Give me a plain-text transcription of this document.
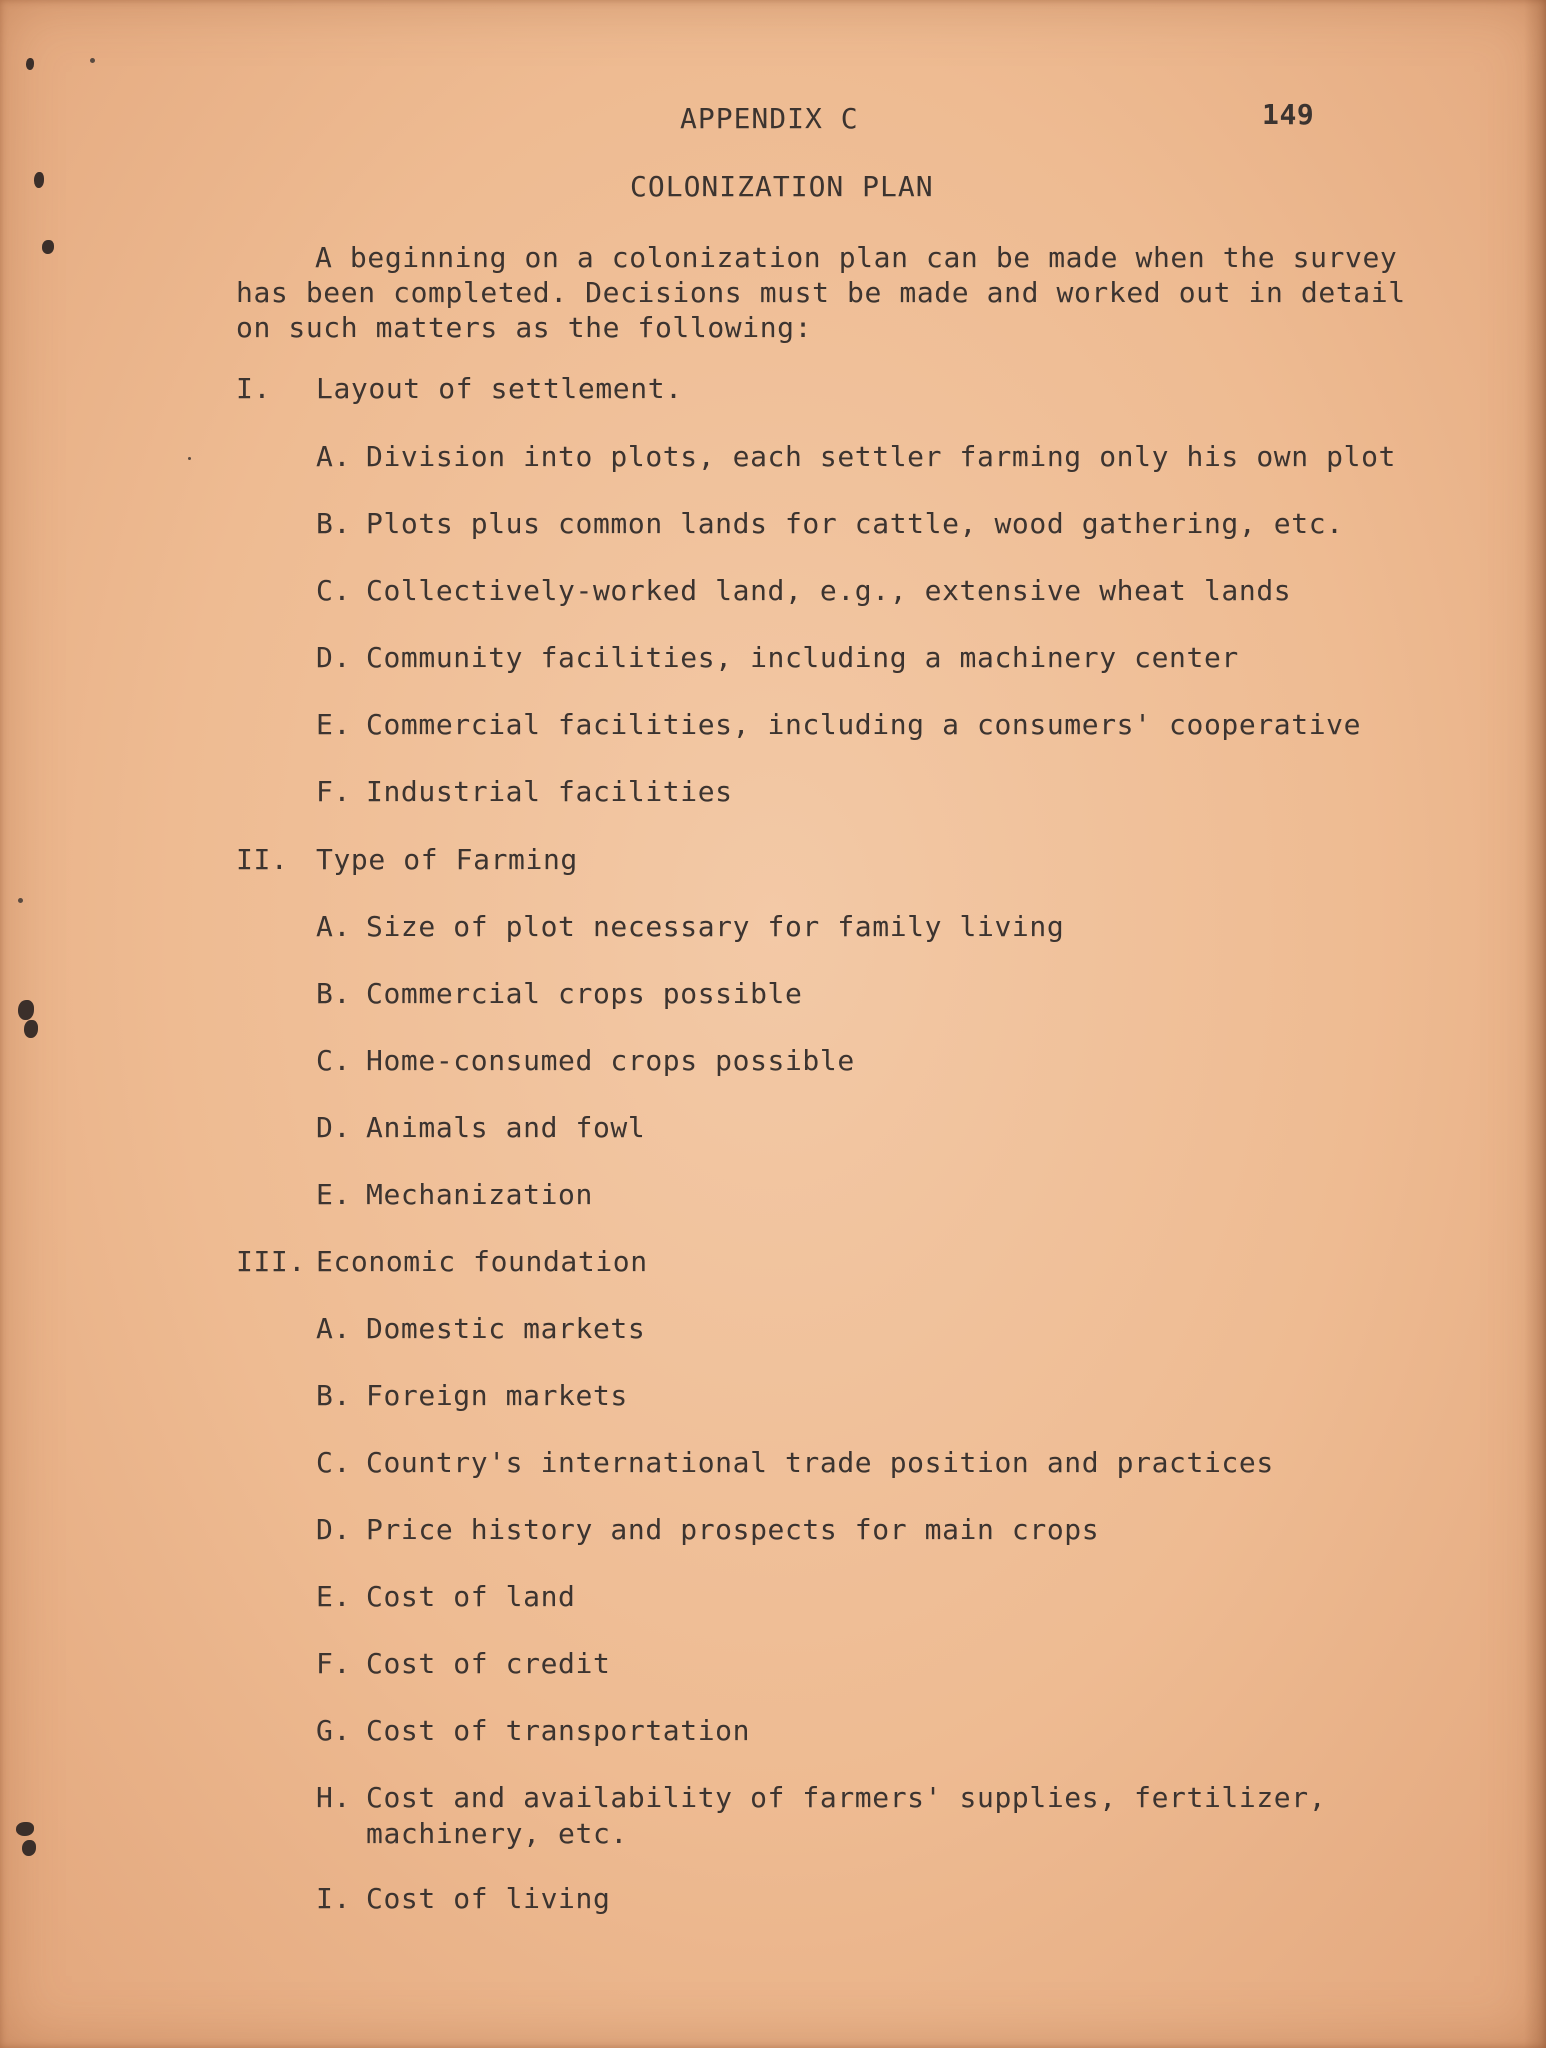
APPENDIX C	149
COLONIZATION PLAN

A beginning on a colonization plan can be made when the survey

has been completed. Decisions must be made and worked out in detail

on such matters as the following:

I.	Layout of settlement.
A. Division into plots, each settler farming only his own plot
B. Plots plus common lands for cattle, wood gathering, etc.
C. Collectively-worked land, e.g., extensive wheat lands
D. Community facilities, including a machinery center
E. Commercial facilities, including a consumers' cooperative
F. Industrial facilities
II. Type of Farming
A. Size of plot necessary for family living
B. Commercial crops possible
C. Home-consumed crops possible
D. Animals and fowl
E. Mechanization
III. Economic foundation
A. Domestic markets
B. Foreign markets
C. Country's international trade position and practices
D. Price history and prospects for main crops
E. Cost of land
F. Cost of credit
G. Cost of transportation
H. Cost and availability of farmers' supplies, fertilizer,
machinery, etc.
I. Cost of living
